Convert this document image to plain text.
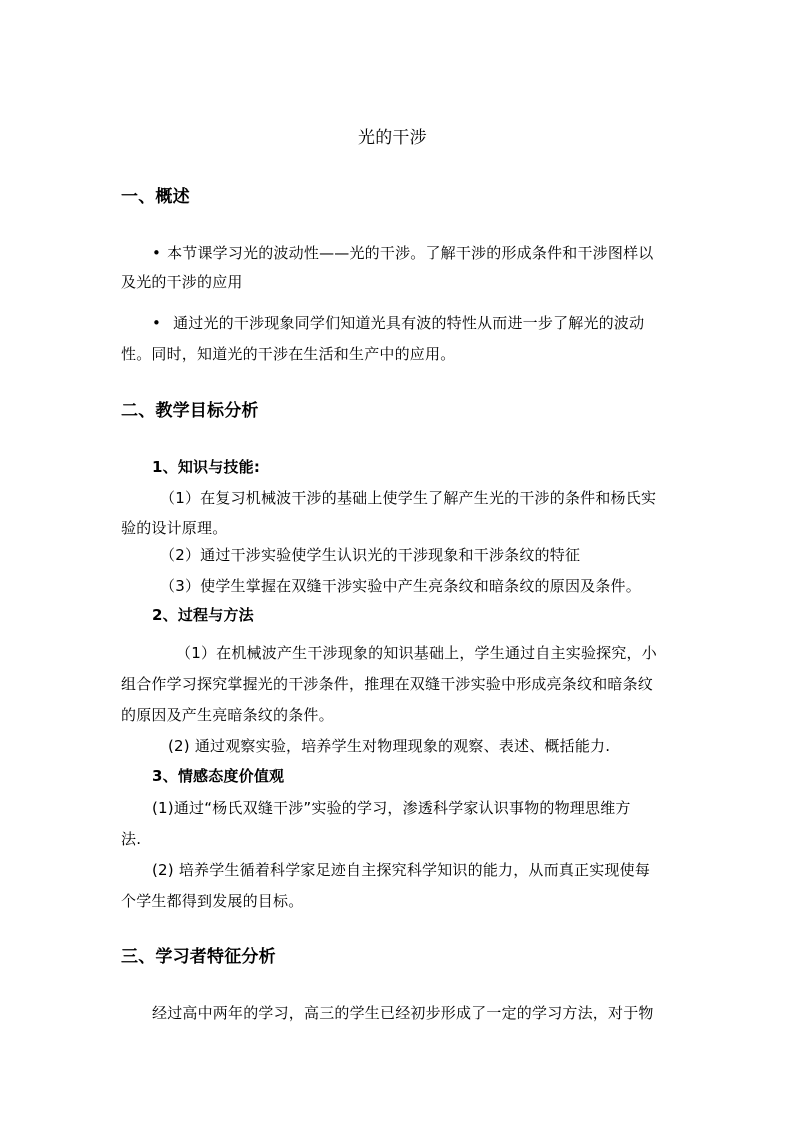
光的干涉
一、概述
• 本节课学习光的波动性——光的干涉。了解干涉的形成条件和干涉图样以
及光的干涉的应用
• 通过光的干涉现象同学们知道光具有波的特性从而进一步了解光的波动
性。同时，知道光的干涉在生活和生产中的应用。
二、教学目标分析
1、知识与技能:
（1）在复习机械波干涉的基础上使学生了解产生光的干涉的条件和杨氏实
验的设计原理。
（2）通过干涉实验使学生认识光的干涉现象和干涉条纹的特征
（3）使学生掌握在双缝干涉实验中产生亮条纹和暗条纹的原因及条件。
2、过程与方法
（1）在机械波产生干涉现象的知识基础上，学生通过自主实验探究，小
组合作学习探究掌握光的干涉条件，推理在双缝干涉实验中形成亮条纹和暗条纹
的原因及产生亮暗条纹的条件。
(2) 通过观察实验，培养学生对物理现象的观察、表述、概括能力.
3、情感态度价值观
(1)通过“杨氏双缝干涉”实验的学习，渗透科学家认识事物的物理思维方
法.
(2) 培养学生循着科学家足迹自主探究科学知识的能力，从而真正实现使每
个学生都得到发展的目标。
三、学习者特征分析
经过高中两年的学习，高三的学生已经初步形成了一定的学习方法，对于物
